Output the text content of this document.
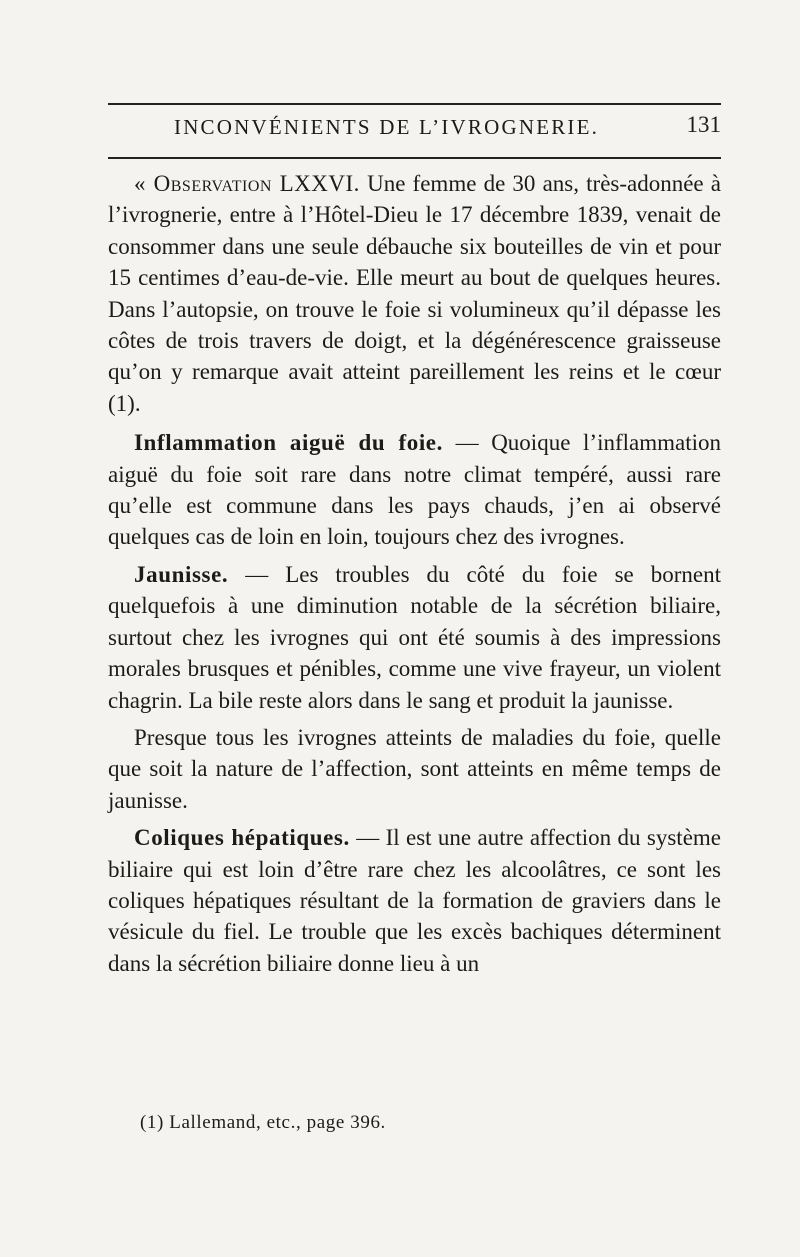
INCONVÉNIENTS DE L’IVROGNERIE.	131

« Observation LXXVI. Une femme de 30 ans, très-adonnée à l’ivrognerie, entre à l’Hôtel-Dieu le 17 décembre 1839, venait de consommer dans une seule débauche six bouteilles de vin et pour 15 centimes d’eau-de-vie. Elle meurt au bout de quelques heures. Dans l’autopsie, on trouve le foie si volumineux qu’il dépasse les côtes de trois travers de doigt, et la dégénérescence graisseuse qu’on y remarque avait atteint pareillement les reins et le cœur (1).

Inflammation aiguë du foie. — Quoique l’inflammation aiguë du foie soit rare dans notre climat tempéré, aussi rare qu’elle est commune dans les pays chauds, j’en ai observé quelques cas de loin en loin, toujours chez des ivrognes.

Jaunisse. — Les troubles du côté du foie se bornent quelquefois à une diminution notable de la sécrétion biliaire, surtout chez les ivrognes qui ont été soumis à des impressions morales brusques et pénibles, comme une vive frayeur, un violent chagrin. La bile reste alors dans le sang et produit la jaunisse.

Presque tous les ivrognes atteints de maladies du foie, quelle que soit la nature de l’affection, sont atteints en même temps de jaunisse.

Coliques hépatiques. — Il est une autre affection du système biliaire qui est loin d’être rare chez les alcoolâtres, ce sont les coliques hépatiques résultant de la formation de graviers dans le vésicule du fiel. Le trouble que les excès bachiques déterminent dans la sécrétion biliaire donne lieu à un

(1) Lallemand, etc., page 396.
